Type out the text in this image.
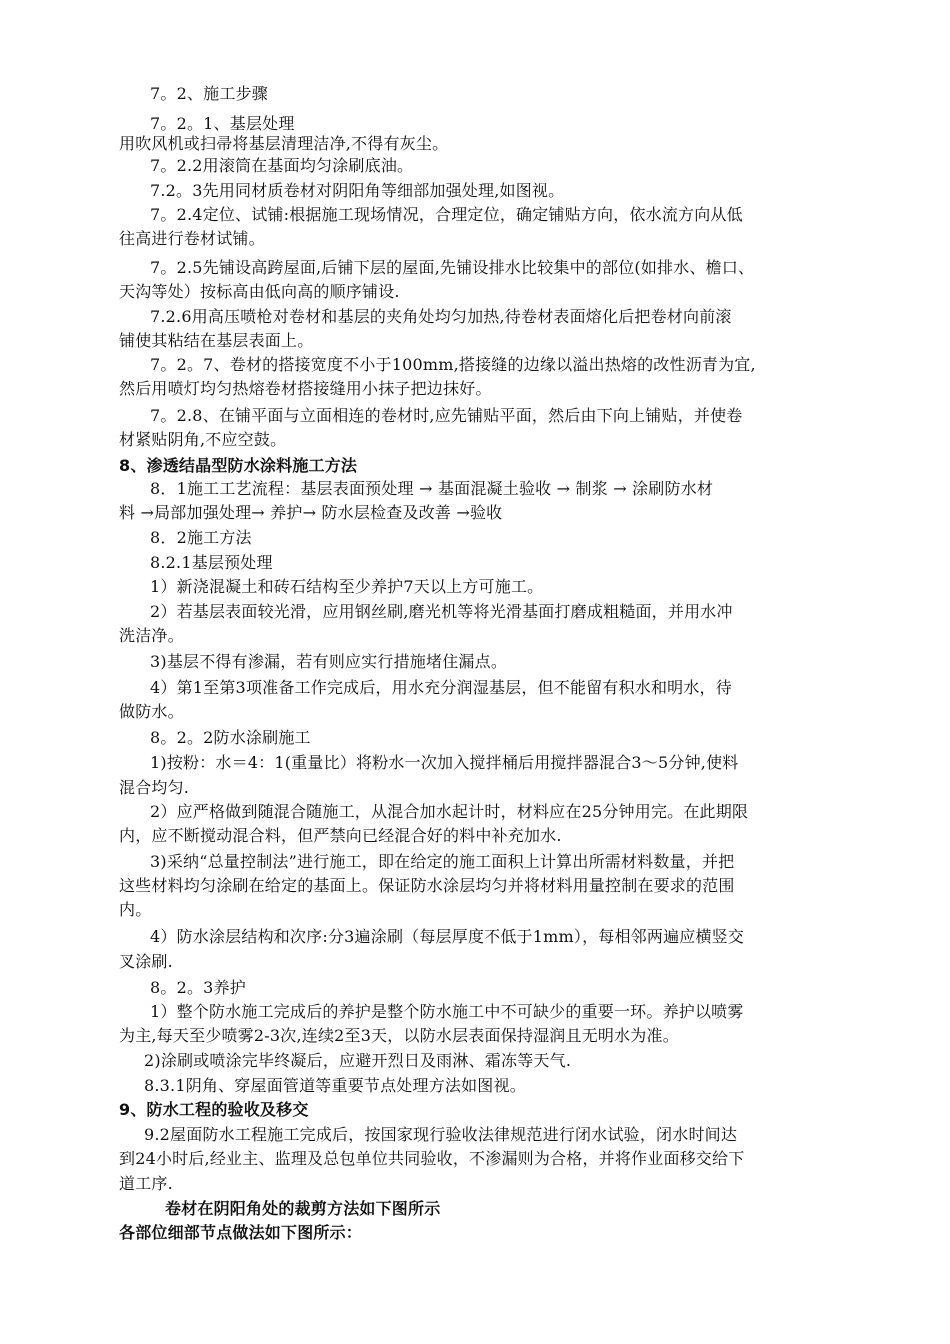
7。2、施工步骤
7。2。1、基层处理
用吹风机或扫帚将基层清理洁净,不得有灰尘。
7。2.2用滚筒在基面均匀涂刷底油。
7.2。3先用同材质卷材对阴阳角等细部加强处理,如图视。
7。2.4定位、试铺:根据施工现场情况，合理定位，确定铺贴方向，依水流方向从低
往高进行卷材试铺。
7。2.5先铺设高跨屋面,后铺下层的屋面,先铺设排水比较集中的部位(如排水、檐口、
天沟等处）按标高由低向高的顺序铺设.
7.2.6用高压喷枪对卷材和基层的夹角处均匀加热,待卷材表面熔化后把卷材向前滚
铺使其粘结在基层表面上。
7。2。7、卷材的搭接宽度不小于100mm,搭接缝的边缘以溢出热熔的改性沥青为宜,
然后用喷灯均匀热熔卷材搭接缝用小抹子把边抹好。
7。2.8、在铺平面与立面相连的卷材时,应先铺贴平面，然后由下向上铺贴，并使卷
材紧贴阴角,不应空鼓。
8、渗透结晶型防水涂料施工方法
8．1施工工艺流程：基层表面预处理 → 基面混凝土验收 → 制浆 → 涂刷防水材
料 →局部加强处理→ 养护→ 防水层检查及改善 →验收
8．2施工方法
8.2.1基层预处理
1）新浇混凝土和砖石结构至少养护7天以上方可施工。
2）若基层表面较光滑，应用钢丝刷,磨光机等将光滑基面打磨成粗糙面，并用水冲
洗洁净。
3)基层不得有渗漏，若有则应实行措施堵住漏点。
4）第1至第3项准备工作完成后，用水充分润湿基层，但不能留有积水和明水，待
做防水。
8。2。2防水涂刷施工
1)按粉：水＝4：1(重量比）将粉水一次加入搅拌桶后用搅拌器混合3～5分钟,使料
混合均匀.
2）应严格做到随混合随施工，从混合加水起计时，材料应在25分钟用完。在此期限
内，应不断搅动混合料，但严禁向已经混合好的料中补充加水.
3)采纳“总量控制法”进行施工，即在给定的施工面积上计算出所需材料数量，并把
这些材料均匀涂刷在给定的基面上。保证防水涂层均匀并将材料用量控制在要求的范围
内。
4）防水涂层结构和次序:分3遍涂刷（每层厚度不低于1mm），每相邻两遍应横竖交
叉涂刷.
8。2。3养护
1）整个防水施工完成后的养护是整个防水施工中不可缺少的重要一环。养护以喷雾
为主,每天至少喷雾2-3次,连续2至3天，以防水层表面保持湿润且无明水为准。
2)涂刷或喷涂完毕终凝后，应避开烈日及雨淋、霜冻等天气.
8.3.1阴角、穿屋面管道等重要节点处理方法如图视。
9、防水工程的验收及移交
9.2屋面防水工程施工完成后，按国家现行验收法律规范进行闭水试验，闭水时间达
到24小时后,经业主、监理及总包单位共同验收，不渗漏则为合格，并将作业面移交给下
道工序.
卷材在阴阳角处的裁剪方法如下图所示
各部位细部节点做法如下图所示：
